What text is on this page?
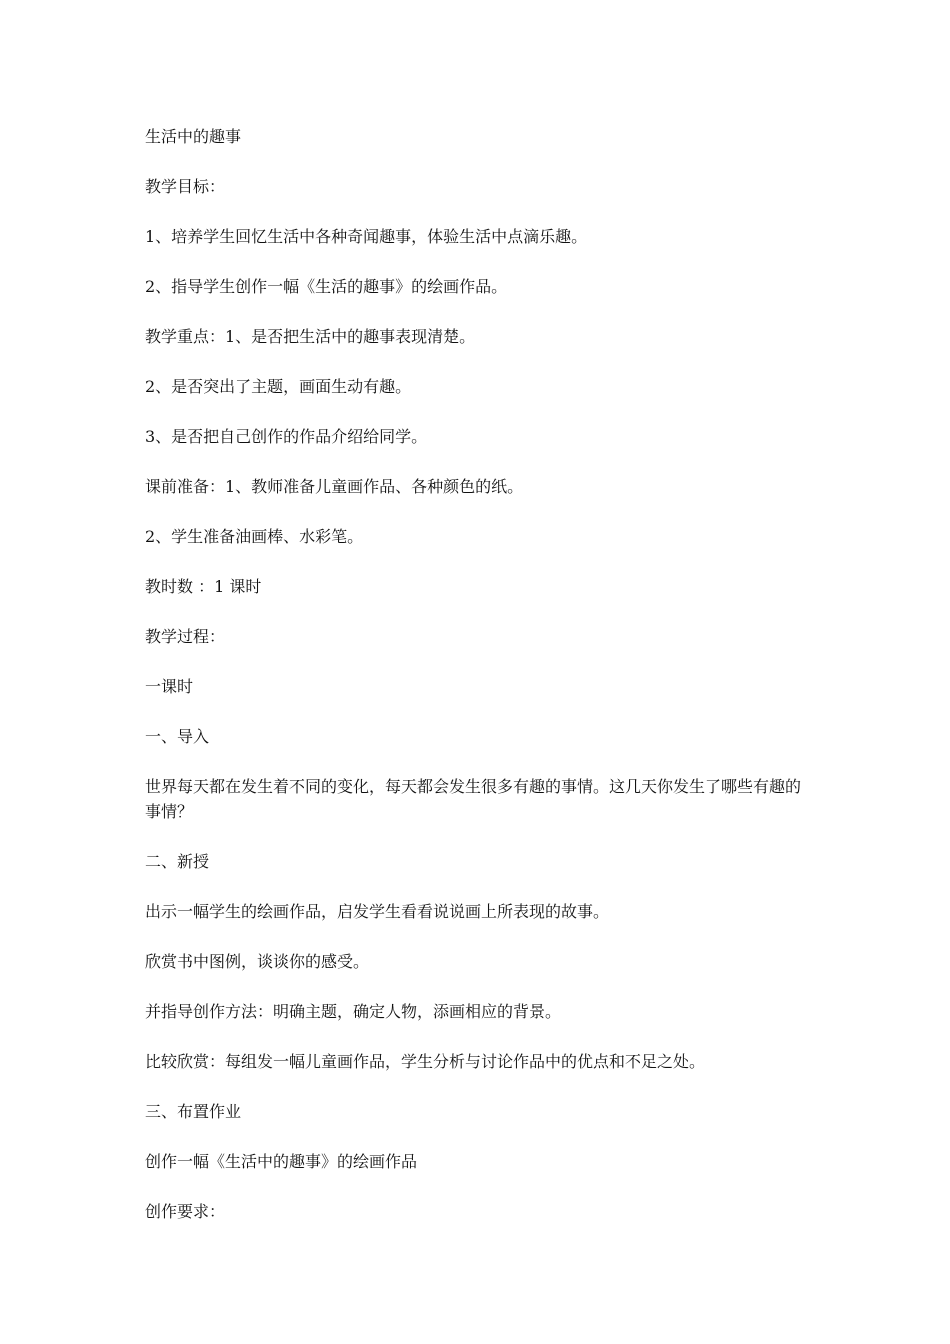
生活中的趣事

教学目标：

1、培养学生回忆生活中各种奇闻趣事，体验生活中点滴乐趣。

2、指导学生创作一幅《生活的趣事》的绘画作品。

教学重点：1、是否把生活中的趣事表现清楚。

2、是否突出了主题，画面生动有趣。

3、是否把自己创作的作品介绍给同学。

课前准备：1、教师准备儿童画作品、各种颜色的纸。

2、学生准备油画棒、水彩笔。

教时数 ：1 课时

教学过程：

一课时

一、导入

世界每天都在发生着不同的变化，每天都会发生很多有趣的事情。这几天你发生了哪些有趣的事情？

二、新授

出示一幅学生的绘画作品，启发学生看看说说画上所表现的故事。

欣赏书中图例，谈谈你的感受。

并指导创作方法：明确主题，确定人物，添画相应的背景。

比较欣赏：每组发一幅儿童画作品，学生分析与讨论作品中的优点和不足之处。

三、布置作业

创作一幅《生活中的趣事》的绘画作品

创作要求：
